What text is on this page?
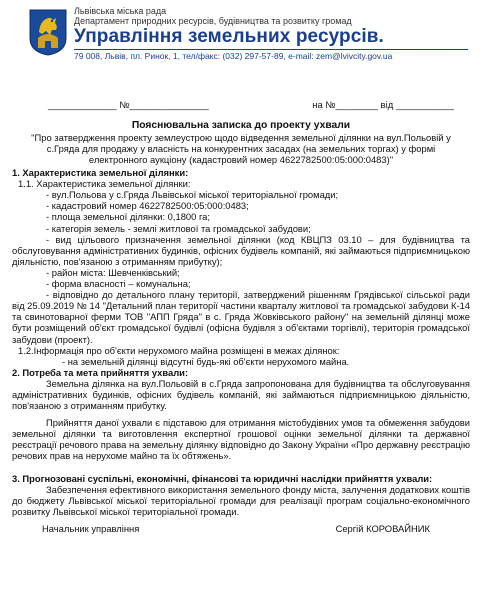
Львівська міська рада
Департамент природних ресурсів, будівництва та розвитку громад
Управління земельних ресурсів.
79 008, Львів, пл. Ринок, 1, тел/факс: (032) 297-57-89, e-mail: zem@lvivcity.gov.ua
_____________ №_______________	на №________ від ___________
Пояснювальна записка до проекту ухвали
"Про затвердження проекту землеустрою щодо відведення земельної ділянки на вул.Польовій у с.Гряда для продажу у власність на конкурентних засадах (на земельних торгах) у формі електронного аукціону (кадастровий номер 4622782500:05:000:0483)"

1. Характеристика земельної ділянки:

1.1. Характеристика земельної ділянки:

- вул.Польова у с.Гряда Львівської міської територіальної громади;

- кадастровий номер 4622782500:05:000:0483;

- площа земельної ділянки: 0,1800 га;

- категорія земель - землі житлової та громадської забудови;

- вид цільового призначення земельної ділянки (код КВЦПЗ 03.10 – для будівництва та обслуговування адміністративних будинків, офісних будівель компаній, які займаються підприємницькою діяльністю, пов'язаною з отриманням прибутку);

- район міста: Шевченківський;

- форма власності – комунальна;

- відповідно до детального плану території, затверджений рішенням Грядівської сільської ради від 25.09.2019 № 14 "Детальний план території частини кварталу житлової та громадської забудови К-14 та свинотоварної ферми ТОВ "АПП Гряда" в с. Гряда Жовківського району" на земельній ділянці може бути розміщений об'єкт громадської будівлі (офісна будівля з об'єктами торгівлі), територія громадської забудови (проект).

1.2.Інформація про об'єкти нерухомого майна розміщені в межах ділянок:

- на земельній ділянці відсутні будь-які об'єкти нерухомого майна.

2. Потреба та мета прийняття ухвали:

Земельна ділянка на вул.Польовій в с.Гряда запропонована для будівництва та обслуговування адміністративних будинків, офісних будівель компаній, які займаються підприємницькою діяльністю, пов'язаною з отриманням прибутку.

Прийняття даної ухвали є підставою для отримання містобудівних умов та обмеження забудови земельної ділянки та виготовлення експертної грошової оцінки земельної ділянки та державної реєстрації речового права на земельну ділянку відповідно до Закону України «Про державну реєстрацію речових прав на нерухоме майно та їх обтяжень».

3. Прогнозовані суспільні, економічні, фінансові та юридичні наслідки прийняття ухвали:

Забезпечення ефективного використання земельного фонду міста, залучення додаткових коштів до бюджету Львівської міської територіальної громади для реалізації програм соціально-економічного розвитку Львівської міської територіальної громади.

Начальник управління	Сергій КОРОВАЙНИК
